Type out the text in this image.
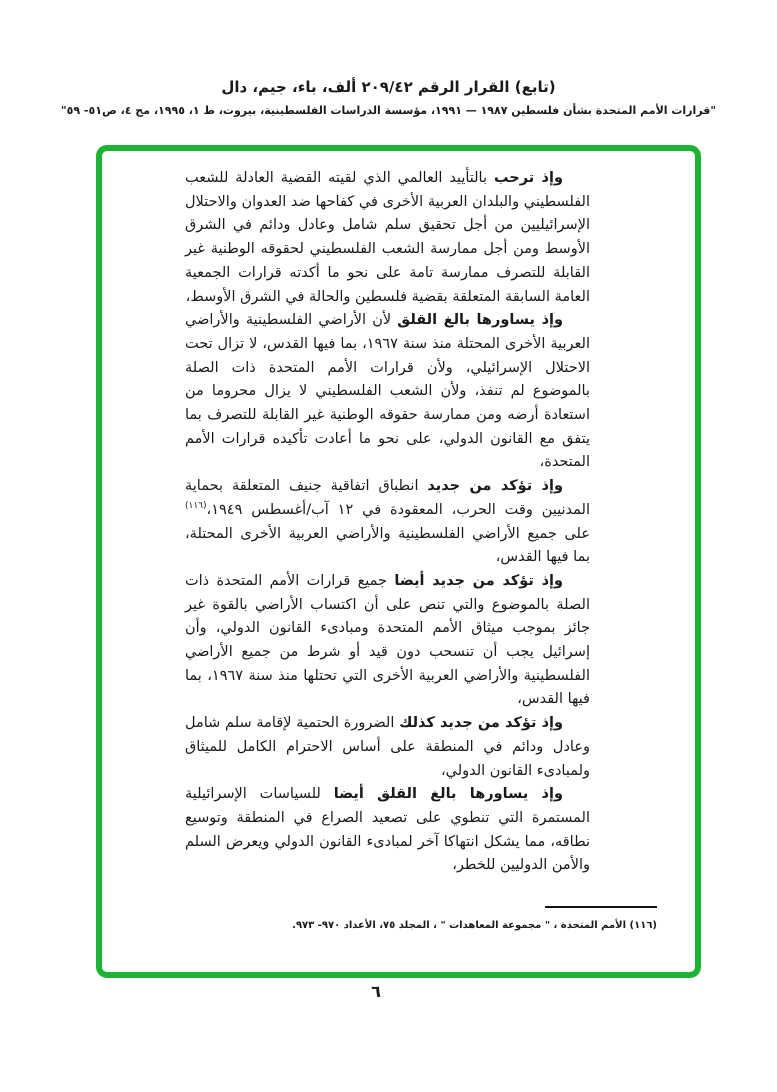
(تابع) القرار الرقم ٢٠٩/٤٢ ألف، باء، جيم، دال
"قرارات الأمم المتحدة بشأن فلسطين ١٩٨٧ — ١٩٩١، مؤسسة الدراسات الفلسطينية، بيروت، ط ١، ١٩٩٥، مج ٤، ص٥١- ٥٩"

وإذ ترحب بالتأييد العالمي الذي لقيته القضية العادلة للشعب الفلسطيني والبلدان العربية الأخرى في كفاحها ضد العدوان والاحتلال الإسرائيليين من أجل تحقيق سلم شامل وعادل ودائم في الشرق الأوسط ومن أجل ممارسة الشعب الفلسطيني لحقوقه الوطنية غير القابلة للتصرف ممارسة تامة على نحو ما أكدته قرارات الجمعية العامة السابقة المتعلقة بقضية فلسطين والحالة في الشرق الأوسط،

وإذ يساورها بالغ القلق لأن الأراضي الفلسطينية والأراضي العربية الأخرى المحتلة منذ سنة ١٩٦٧، بما فيها القدس، لا تزال تحت الاحتلال الإسرائيلي، ولأن قرارات الأمم المتحدة ذات الصلة بالموضوع لم تنفذ، ولأن الشعب الفلسطيني لا يزال محروما من استعادة أرضه ومن ممارسة حقوقه الوطنية غير القابلة للتصرف بما يتفق مع القانون الدولي، على نحو ما أعادت تأكيده قرارات الأمم المتحدة،

وإذ تؤكد من جديد انطباق اتفاقية جنيف المتعلقة بحماية المدنيين وقت الحرب، المعقودة في ١٢ آب/أغسطس ١٩٤٩،$^{(١١٦)}$ على جميع الأراضي الفلسطينية والأراضي العربية الأخرى المحتلة، بما فيها القدس،

وإذ تؤكد من جديد أيضا جميع قرارات الأمم المتحدة ذات الصلة بالموضوع والتي تنص على أن اكتساب الأراضي بالقوة غير جائز بموجب ميثاق الأمم المتحدة ومبادىء القانون الدولي، وأن إسرائيل يجب أن تنسحب دون قيد أو شرط من جميع الأراضي الفلسطينية والأراضي العربية الأخرى التي تحتلها منذ سنة ١٩٦٧، بما فيها القدس،

وإذ تؤكد من جديد كذلك الضرورة الحتمية لإقامة سلم شامل وعادل ودائم في المنطقة على أساس الاحترام الكامل للميثاق ولمبادىء القانون الدولي،

وإذ يساورها بالغ القلق أيضا للسياسات الإسرائيلية المستمرة التي تنطوي على تصعيد الصراع في المنطقة وتوسيع نطاقه، مما يشكل انتهاكا آخر لمبادىء القانون الدولي ويعرض السلم والأمن الدوليين للخطر،

(١١٦) الأمم المتحدة ، " مجموعة المعاهدات " ، المجلد ٧٥، الأعداد ٩٧٠- ٩٧٣.
٦
